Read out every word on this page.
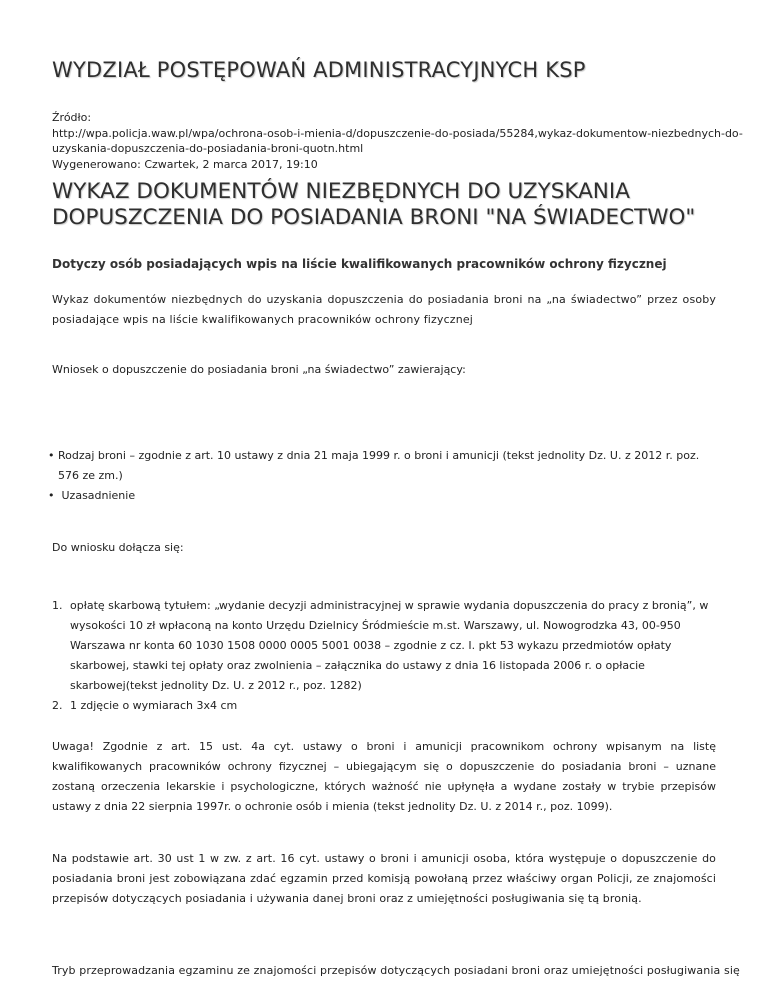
WYDZIAŁ POSTĘPOWAŃ ADMINISTRACYJNYCH KSP
Źródło:
http://wpa.policja.waw.pl/wpa/ochrona-osob-i-mienia-d/dopuszczenie-do-posiada/55284,wykaz-dokumentow-niezbednych-do-
uzyskania-dopuszczenia-do-posiadania-broni-quotn.html
Wygenerowano: Czwartek, 2 marca 2017, 19:10
WYKAZ DOKUMENTÓW NIEZBĘDNYCH DO UZYSKANIA DOPUSZCZENIA DO POSIADANIA BRONI "NA ŚWIADECTWO"
Dotyczy osób posiadających wpis na liście kwalifikowanych pracowników ochrony fizycznej

Wykaz dokumentów niezbędnych do uzyskania dopuszczenia do posiadania broni na „na świadectwo” przez osoby posiadające wpis na liście kwalifikowanych pracowników ochrony fizycznej

Wniosek o dopuszczenie do posiadania broni „na świadectwo” zawierający:

• Rodzaj broni – zgodnie z art. 10 ustawy z dnia 21 maja 1999 r. o broni i amunicji (tekst jednolity Dz. U. z 2012 r. poz. 576 ze zm.)
• Uzasadnienie

Do wniosku dołącza się:

1. opłatę skarbową tytułem: „wydanie decyzji administracyjnej w sprawie wydania dopuszczenia do pracy z bronią”, w wysokości 10 zł wpłaconą na konto Urzędu Dzielnicy Śródmieście m.st. Warszawy, ul. Nowogrodzka 43, 00-950 Warszawa nr konta 60 1030 1508 0000 0005 5001 0038 – zgodnie z cz. I. pkt 53 wykazu przedmiotów opłaty skarbowej, stawki tej opłaty oraz zwolnienia – załącznika do ustawy z dnia 16 listopada 2006 r. o opłacie skarbowej(tekst jednolity Dz. U. z 2012 r., poz. 1282)
2. 1 zdjęcie o wymiarach 3x4 cm

Uwaga! Zgodnie z art. 15 ust. 4a cyt. ustawy o broni i amunicji pracownikom ochrony wpisanym na listę kwalifikowanych pracowników ochrony fizycznej – ubiegającym się o dopuszczenie do posiadania broni – uznane zostaną orzeczenia lekarskie i psychologiczne, których ważność nie upłynęła a wydane zostały w trybie przepisów ustawy z dnia 22 sierpnia 1997r. o ochronie osób i mienia (tekst jednolity Dz. U. z 2014 r., poz. 1099).

Na podstawie art. 30 ust 1 w zw. z art. 16 cyt. ustawy o broni i amunicji osoba, która występuje o dopuszczenie do posiadania broni jest zobowiązana zdać egzamin przed komisją powołaną przez właściwy organ Policji, ze znajomości przepisów dotyczących posiadania i używania danej broni oraz z umiejętności posługiwania się tą bronią.

Tryb przeprowadzania egzaminu ze znajomości przepisów dotyczących posiadani broni oraz umiejętności posługiwania się
